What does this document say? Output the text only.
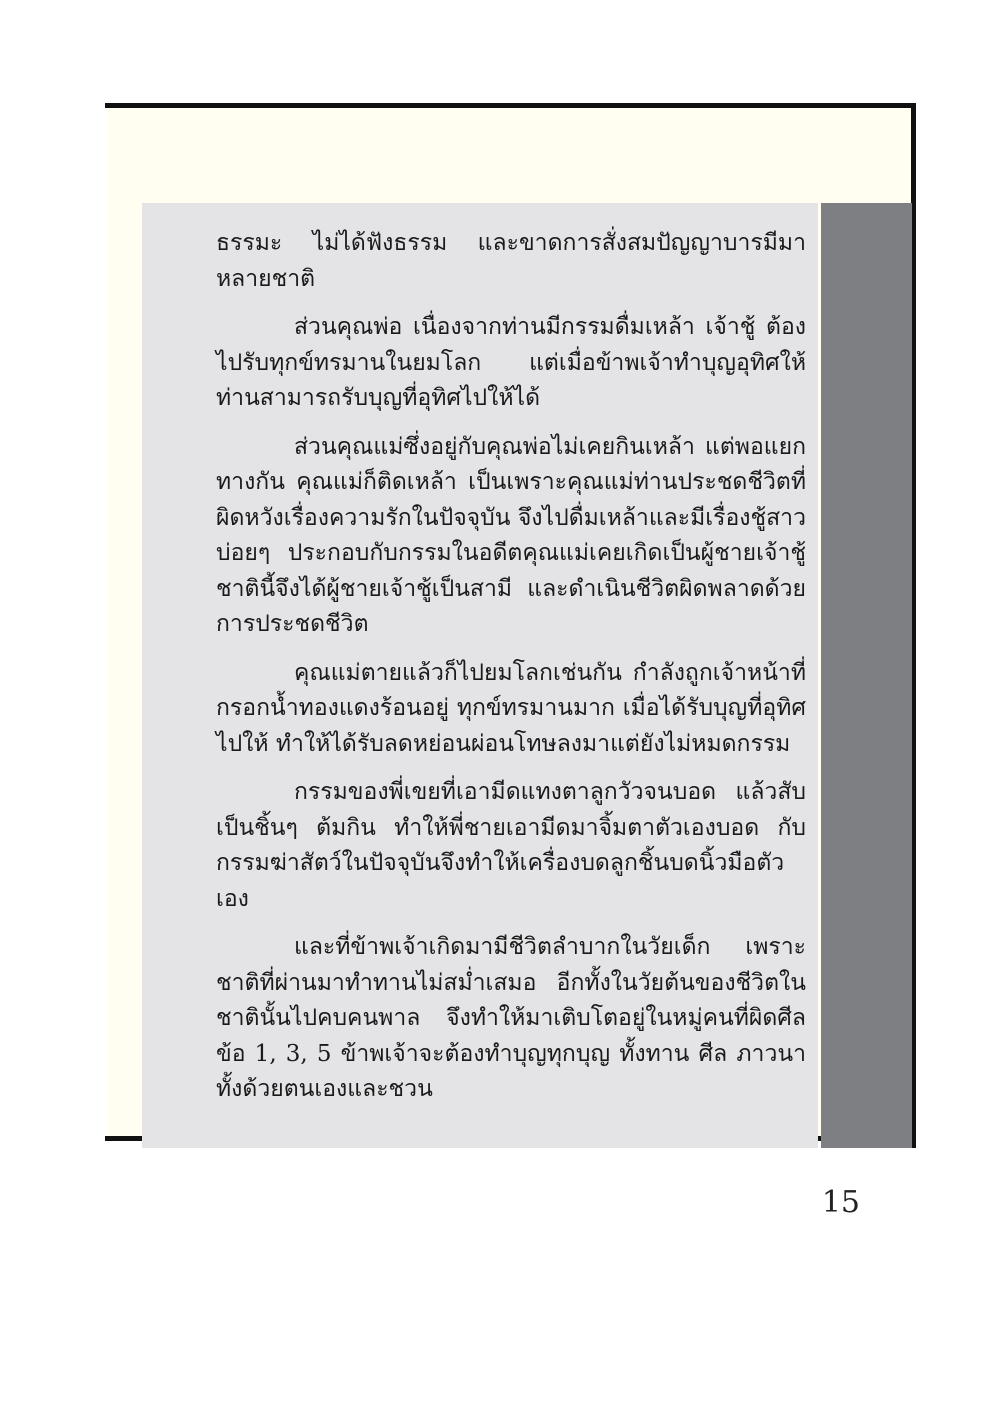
ธรรมะ ไม่ได้ฟังธรรม และขาดการสั่งสมปัญญาบารมีมาหลายชาติ

ส่วนคุณพ่อ เนื่องจากท่านมีกรรมดื่มเหล้า เจ้าชู้ ต้องไปรับทุกข์ทรมานในยมโลก แต่เมื่อข้าพเจ้าทำบุญอุทิศให้ ท่านสามารถรับบุญที่อุทิศไปให้ได้

ส่วนคุณแม่ซึ่งอยู่กับคุณพ่อไม่เคยกินเหล้า แต่พอแยกทางกัน คุณแม่ก็ติดเหล้า เป็นเพราะคุณแม่ท่านประชดชีวิตที่ผิดหวังเรื่องความรักในปัจจุบัน จึงไปดื่มเหล้าและมีเรื่องชู้สาวบ่อยๆ ประกอบกับกรรมในอดีตคุณแม่เคยเกิดเป็นผู้ชายเจ้าชู้ ชาตินี้จึงได้ผู้ชายเจ้าชู้เป็นสามี และดำเนินชีวิตผิดพลาดด้วยการประชดชีวิต

คุณแม่ตายแล้วก็ไปยมโลกเช่นกัน กำลังถูกเจ้าหน้าที่กรอกน้ำทองแดงร้อนอยู่ ทุกข์ทรมานมาก เมื่อได้รับบุญที่อุทิศไปให้ ทำให้ได้รับลดหย่อนผ่อนโทษลงมาแต่ยังไม่หมดกรรม

กรรมของพี่เขยที่เอามีดแทงตาลูกวัวจนบอด แล้วสับเป็นชิ้นๆ ต้มกิน ทำให้พี่ชายเอามีดมาจิ้มตาตัวเองบอด กับกรรมฆ่าสัตว์ในปัจจุบันจึงทำให้เครื่องบดลูกชิ้นบดนิ้วมือตัวเอง

และที่ข้าพเจ้าเกิดมามีชีวิตลำบากในวัยเด็ก เพราะชาติที่ผ่านมาทำทานไม่สม่ำเสมอ อีกทั้งในวัยต้นของชีวิตในชาตินั้นไปคบคนพาล จึงทำให้มาเติบโตอยู่ในหมู่คนที่ผิดศีลข้อ 1, 3, 5 ข้าพเจ้าจะต้องทำบุญทุกบุญ ทั้งทาน ศีล ภาวนา ทั้งด้วยตนเองและชวน

15
